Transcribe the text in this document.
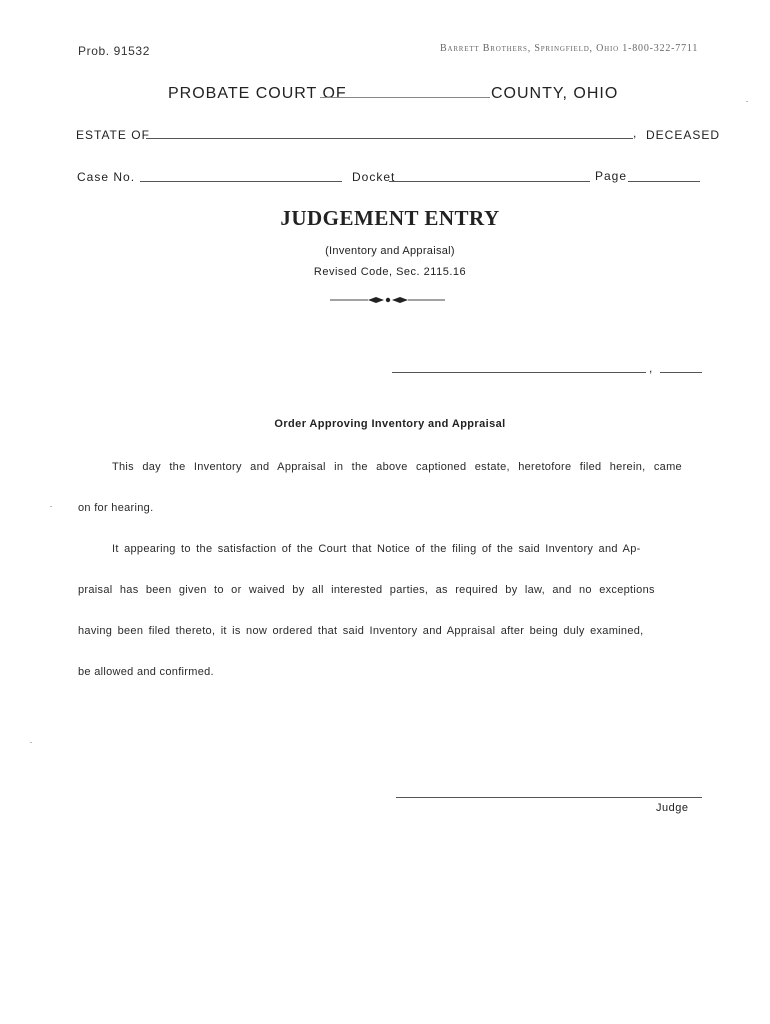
Prob. 91532	Barrett Brothers, Springfield, Ohio 1-800-322-7711
PROBATE COURT OF	COUNTY, OHIO
ESTATE OF	, DECEASED
Case No.	Docket	Page
JUDGEMENT ENTRY
(Inventory and Appraisal)
Revised Code, Sec. 2115.16
,
Order Approving Inventory and Appraisal
This day the Inventory and Appraisal in the above captioned estate, heretofore filed herein, came
on for hearing.
It appearing to the satisfaction of the Court that Notice of the filing of the said Inventory and Ap-
praisal has been given to or waived by all interested parties, as required by law, and no exceptions
having been filed thereto, it is now ordered that said Inventory and Appraisal after being duly examined,
be allowed and confirmed.
Judge
